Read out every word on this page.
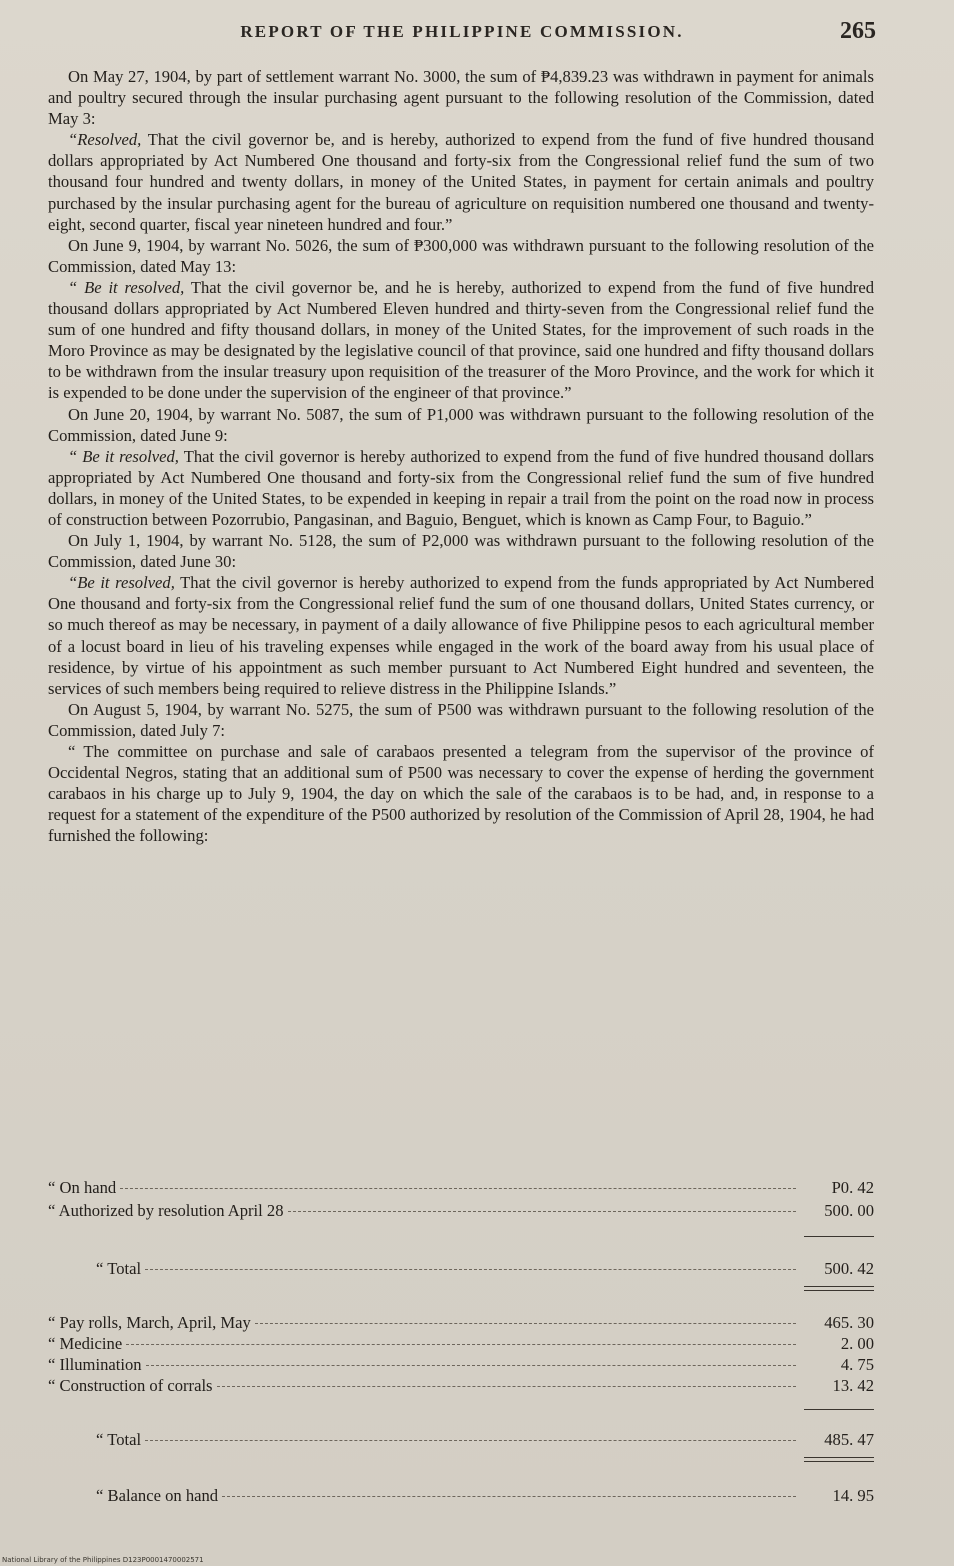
REPORT OF THE PHILIPPINE COMMISSION.	265

On May 27, 1904, by part of settlement warrant No. 3000, the sum of ₱4,839.23 was withdrawn in payment for animals and poultry secured through the insular purchasing agent pursuant to the following resolution of the Commission, dated May 3:

“Resolved, That the civil governor be, and is hereby, authorized to expend from the fund of five hundred thousand dollars appropriated by Act Numbered One thousand and forty-six from the Congressional relief fund the sum of two thousand four hundred and twenty dollars, in money of the United States, in payment for certain animals and poultry purchased by the insular purchasing agent for the bureau of agriculture on requisition numbered one thousand and twenty-eight, second quarter, fiscal year nineteen hundred and four.”

On June 9, 1904, by warrant No. 5026, the sum of ₱300,000 was withdrawn pursuant to the following resolution of the Commission, dated May 13:

“ Be it resolved, That the civil governor be, and he is hereby, authorized to expend from the fund of five hundred thousand dollars appropriated by Act Numbered Eleven hundred and thirty-seven from the Congressional relief fund the sum of one hundred and fifty thousand dollars, in money of the United States, for the improvement of such roads in the Moro Province as may be designated by the legislative council of that province, said one hundred and fifty thousand dollars to be withdrawn from the insular treasury upon requisition of the treasurer of the Moro Province, and the work for which it is expended to be done under the supervision of the engineer of that province.”

On June 20, 1904, by warrant No. 5087, the sum of P1,000 was withdrawn pursuant to the following resolution of the Commission, dated June 9:

“ Be it resolved, That the civil governor is hereby authorized to expend from the fund of five hundred thousand dollars appropriated by Act Numbered One thousand and forty-six from the Congressional relief fund the sum of five hundred dollars, in money of the United States, to be expended in keeping in repair a trail from the point on the road now in process of construction between Pozorrubio, Pangasinan, and Baguio, Benguet, which is known as Camp Four, to Baguio.”

On July 1, 1904, by warrant No. 5128, the sum of P2,000 was withdrawn pursuant to the following resolution of the Commission, dated June 30:

“Be it resolved, That the civil governor is hereby authorized to expend from the funds appropriated by Act Numbered One thousand and forty-six from the Congressional relief fund the sum of one thousand dollars, United States currency, or so much thereof as may be necessary, in payment of a daily allowance of five Philippine pesos to each agricultural member of a locust board in lieu of his traveling expenses while engaged in the work of the board away from his usual place of residence, by virtue of his appointment as such member pursuant to Act Numbered Eight hundred and seventeen, the services of such members being required to relieve distress in the Philippine Islands.”

On August 5, 1904, by warrant No. 5275, the sum of P500 was withdrawn pursuant to the following resolution of the Commission, dated July 7:

“ The committee on purchase and sale of carabaos presented a telegram from the supervisor of the province of Occidental Negros, stating that an additional sum of P500 was necessary to cover the expense of herding the government carabaos in his charge up to July 9, 1904, the day on which the sale of the carabaos is to be had, and, in response to a request for a statement of the expenditure of the P500 authorized by resolution of the Commission of April 28, 1904, he had furnished the following:

“ On hand	P0. 42
“ Authorized by resolution April 28	500. 00
“ Total	500. 42
“ Pay rolls, March, April, May	465. 30
“ Medicine	2. 00
“ Illumination	4. 75
“ Construction of corrals	13. 42
“ Total	485. 47
“ Balance on hand	14. 95
National Library of the Philippines D123P0001470002571
